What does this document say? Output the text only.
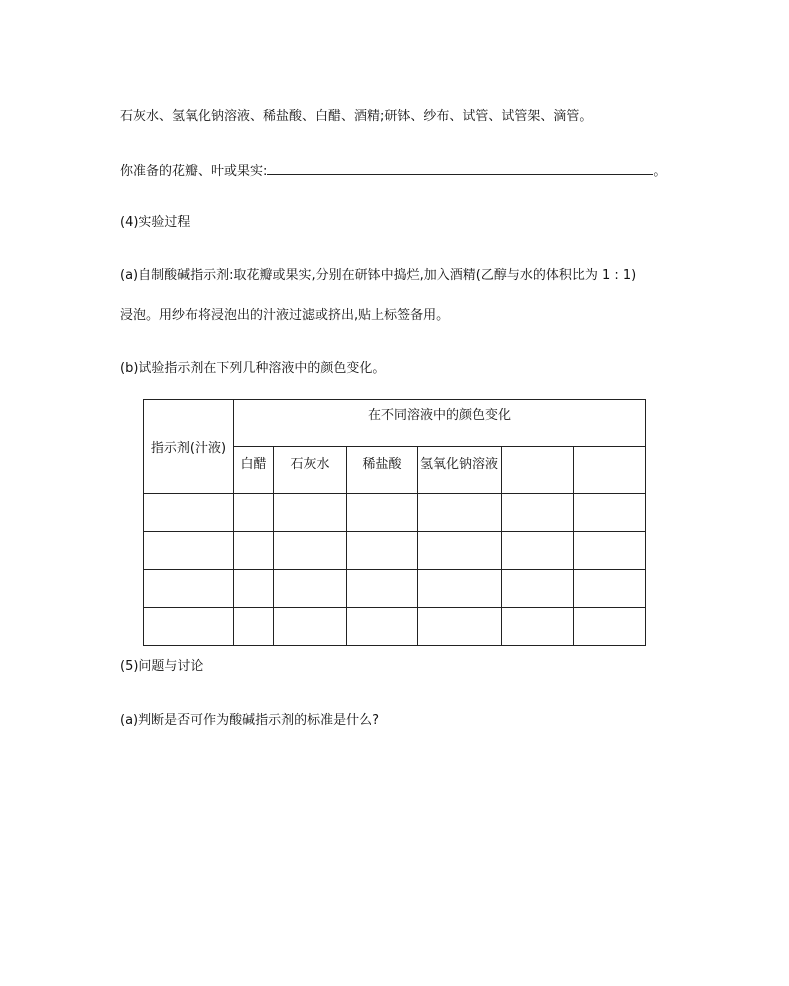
石灰水、氢氧化钠溶液、稀盐酸、白醋、酒精;研钵、纱布、试管、试管架、滴管。
你准备的花瓣、叶或果实:	。
(4)实验过程
(a)自制酸碱指示剂:取花瓣或果实,分别在研钵中捣烂,加入酒精(乙醇与水的体积比为 1 : 1)
浸泡。用纱布将浸泡出的汁液过滤或挤出,贴上标签备用。
(b)试验指示剂在下列几种溶液中的颜色变化。
指示剂(汁液)	在不同溶液中的颜色变化					
	白醋	石灰水	稀盐酸	氢氧化钠溶液		

(5)问题与讨论
(a)判断是否可作为酸碱指示剂的标准是什么?
